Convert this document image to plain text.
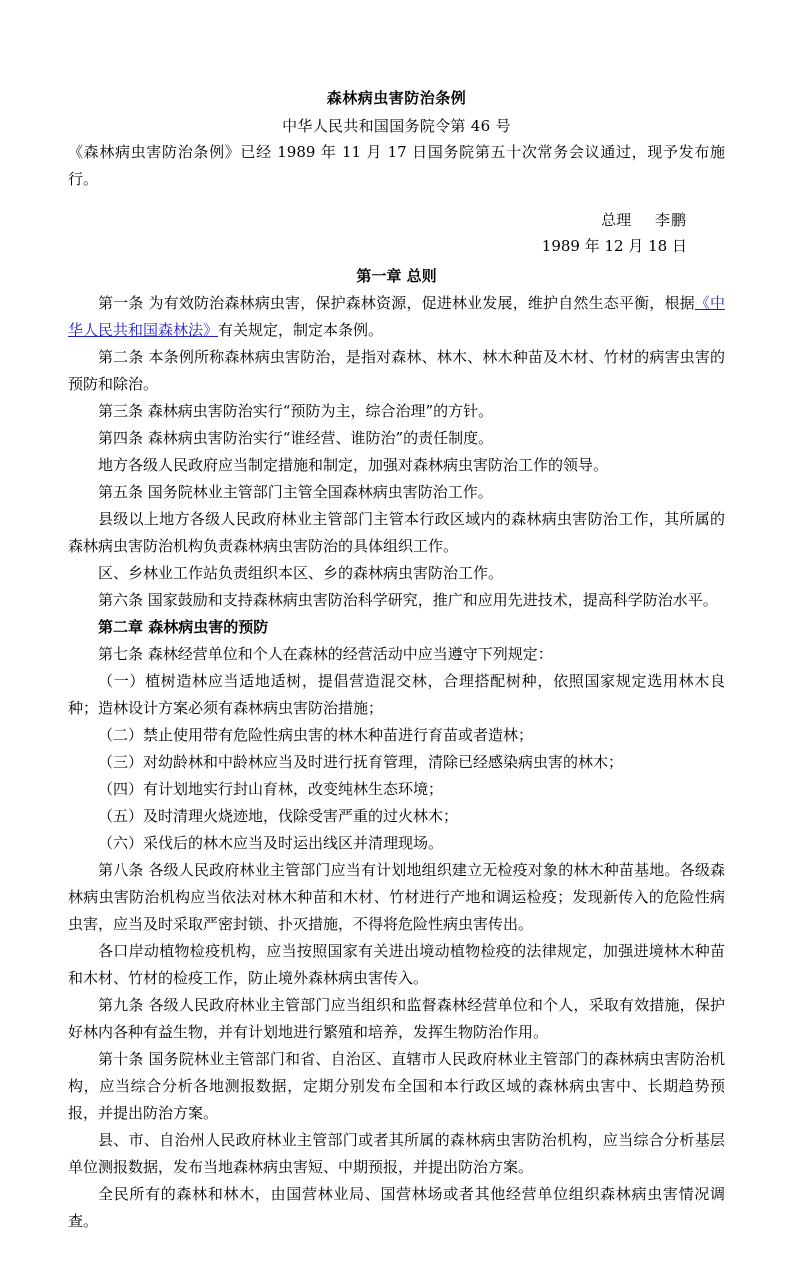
森林病虫害防治条例
中华人民共和国国务院令第 46 号

《森林病虫害防治条例》已经 1989 年 11 月 17 日国务院第五十次常务会议通过，现予发布施行。

总理 李鹏
1989 年 12 月 18 日
第一章 总则

第一条 为有效防治森林病虫害，保护森林资源，促进林业发展，维护自然生态平衡，根据《中华人民共和国森林法》有关规定，制定本条例。

第二条 本条例所称森林病虫害防治，是指对森林、林木、林木种苗及木材、竹材的病害虫害的预防和除治。

第三条 森林病虫害防治实行“预防为主，综合治理”的方针。

第四条 森林病虫害防治实行“谁经营、谁防治”的责任制度。

地方各级人民政府应当制定措施和制定，加强对森林病虫害防治工作的领导。

第五条 国务院林业主管部门主管全国森林病虫害防治工作。

县级以上地方各级人民政府林业主管部门主管本行政区域内的森林病虫害防治工作，其所属的森林病虫害防治机构负责森林病虫害防治的具体组织工作。

区、乡林业工作站负责组织本区、乡的森林病虫害防治工作。

第六条 国家鼓励和支持森林病虫害防治科学研究，推广和应用先进技术，提高科学防治水平。

第二章 森林病虫害的预防

第七条 森林经营单位和个人在森林的经营活动中应当遵守下列规定：

（一）植树造林应当适地适树，提倡营造混交林，合理搭配树种，依照国家规定选用林木良种；造林设计方案必须有森林病虫害防治措施；

（二）禁止使用带有危险性病虫害的林木种苗进行育苗或者造林；

（三）对幼龄林和中龄林应当及时进行抚育管理，清除已经感染病虫害的林木；

（四）有计划地实行封山育林，改变纯林生态环境；

（五）及时清理火烧迹地，伐除受害严重的过火林木；

（六）采伐后的林木应当及时运出线区并清理现场。

第八条 各级人民政府林业主管部门应当有计划地组织建立无检疫对象的林木种苗基地。各级森林病虫害防治机构应当依法对林木种苗和木材、竹材进行产地和调运检疫；发现新传入的危险性病虫害，应当及时采取严密封锁、扑灭措施，不得将危险性病虫害传出。

各口岸动植物检疫机构，应当按照国家有关进出境动植物检疫的法律规定，加强进境林木种苗和木材、竹材的检疫工作，防止境外森林病虫害传入。

第九条 各级人民政府林业主管部门应当组织和监督森林经营单位和个人，采取有效措施，保护好林内各种有益生物，并有计划地进行繁殖和培养，发挥生物防治作用。

第十条 国务院林业主管部门和省、自治区、直辖市人民政府林业主管部门的森林病虫害防治机构，应当综合分析各地测报数据，定期分别发布全国和本行政区域的森林病虫害中、长期趋势预报，并提出防治方案。

县、市、自治州人民政府林业主管部门或者其所属的森林病虫害防治机构，应当综合分析基层单位测报数据，发布当地森林病虫害短、中期预报，并提出防治方案。

全民所有的森林和林木，由国营林业局、国营林场或者其他经营单位组织森林病虫害情况调查。
